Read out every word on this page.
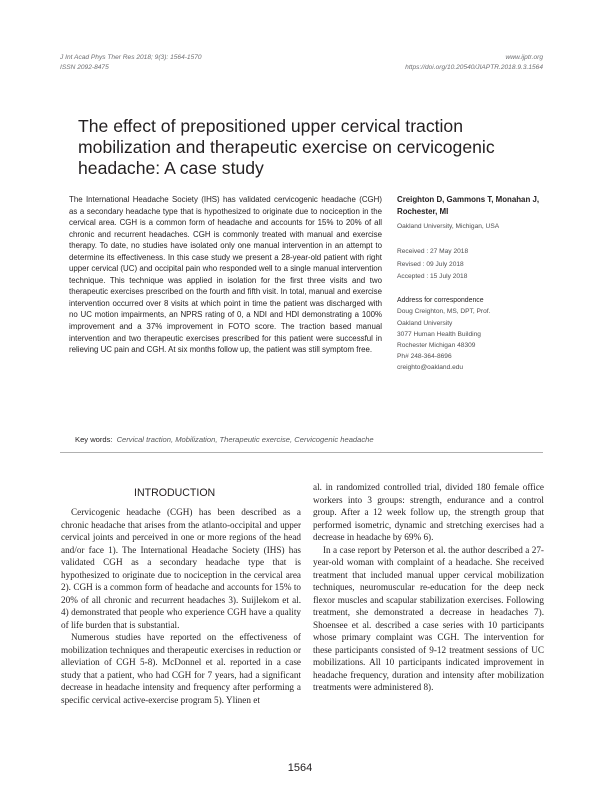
J Int Acad Phys Ther Res 2018; 9(3): 1564-1570
ISSN 2092-8475
www.ijptr.org
https://doi.org/10.20540/JIAPTR.2018.9.3.1564
The effect of prepositioned upper cervical traction mobilization and therapeutic exercise on cervicogenic headache: A case study
The International Headache Society (IHS) has validated cervicogenic headache (CGH) as a secondary headache type that is hypothesized to originate due to nociception in the cervical area. CGH is a common form of headache and accounts for 15% to 20% of all chronic and recurrent headaches. CGH is commonly treated with manual and exercise therapy. To date, no studies have isolated only one manual intervention in an attempt to determine its effectiveness. In this case study we present a 28-year-old patient with right upper cervical (UC) and occipital pain who responded well to a single manual intervention technique. This technique was applied in isolation for the first three visits and two therapeutic exercises prescribed on the fourth and fifth visit. In total, manual and exercise intervention occurred over 8 visits at which point in time the patient was discharged with no UC motion impairments, an NPRS rating of 0, a NDI and HDI demonstrating a 100% improvement and a 37% improvement in FOTO score. The traction based manual intervention and two therapeutic exercises prescribed for this patient were successful in relieving UC pain and CGH. At six months follow up, the patient was still symptom free.
Creighton D, Gammons T, Monahan J, Rochester, MI
Oakland University, Michigan, USA
Received : 27 May 2018
Revised : 09 July 2018
Accepted : 15 July 2018
Address for correspondence
Doug Creighton, MS, DPT, Prof.
Oakland University
3077 Human Health Building
Rochester Michigan 48309
Ph# 248-364-8696
creighto@oakland.edu
Key words: Cervical traction, Mobilization, Therapeutic exercise, Cervicogenic headache
INTRODUCTION

Cervicogenic headache (CGH) has been described as a chronic headache that arises from the atlanto-occipital and upper cervical joints and perceived in one or more regions of the head and/or face 1). The International Headache Society (IHS) has validated CGH as a secondary headache type that is hypothesized to originate due to nociception in the cervical area 2). CGH is a common form of headache and accounts for 15% to 20% of all chronic and recurrent headaches 3). Suijlekom et al. 4) demonstrated that people who experience CGH have a quality of life burden that is substantial.

Numerous studies have reported on the effectiveness of mobilization techniques and therapeutic exercises in reduction or alleviation of CGH 5-8). McDonnel et al. reported in a case study that a patient, who had CGH for 7 years, had a significant decrease in headache intensity and frequency after performing a specific cervical active-exercise program 5). Ylinen et

al. in randomized controlled trial, divided 180 female office workers into 3 groups: strength, endurance and a control group. After a 12 week follow up, the strength group that performed isometric, dynamic and stretching exercises had a decrease in headache by 69% 6).

In a case report by Peterson et al. the author described a 27-year-old woman with complaint of a headache. She received treatment that included manual upper cervical mobilization techniques, neuromuscular re-education for the deep neck flexor muscles and scapular stabilization exercises. Following treatment, she demonstrated a decrease in headaches 7). Shoensee et al. described a case series with 10 participants whose primary complaint was CGH. The intervention for these participants consisted of 9-12 treatment sessions of UC mobilizations. All 10 participants indicated improvement in headache frequency, duration and intensity after mobilization treatments were administered 8).

1564
